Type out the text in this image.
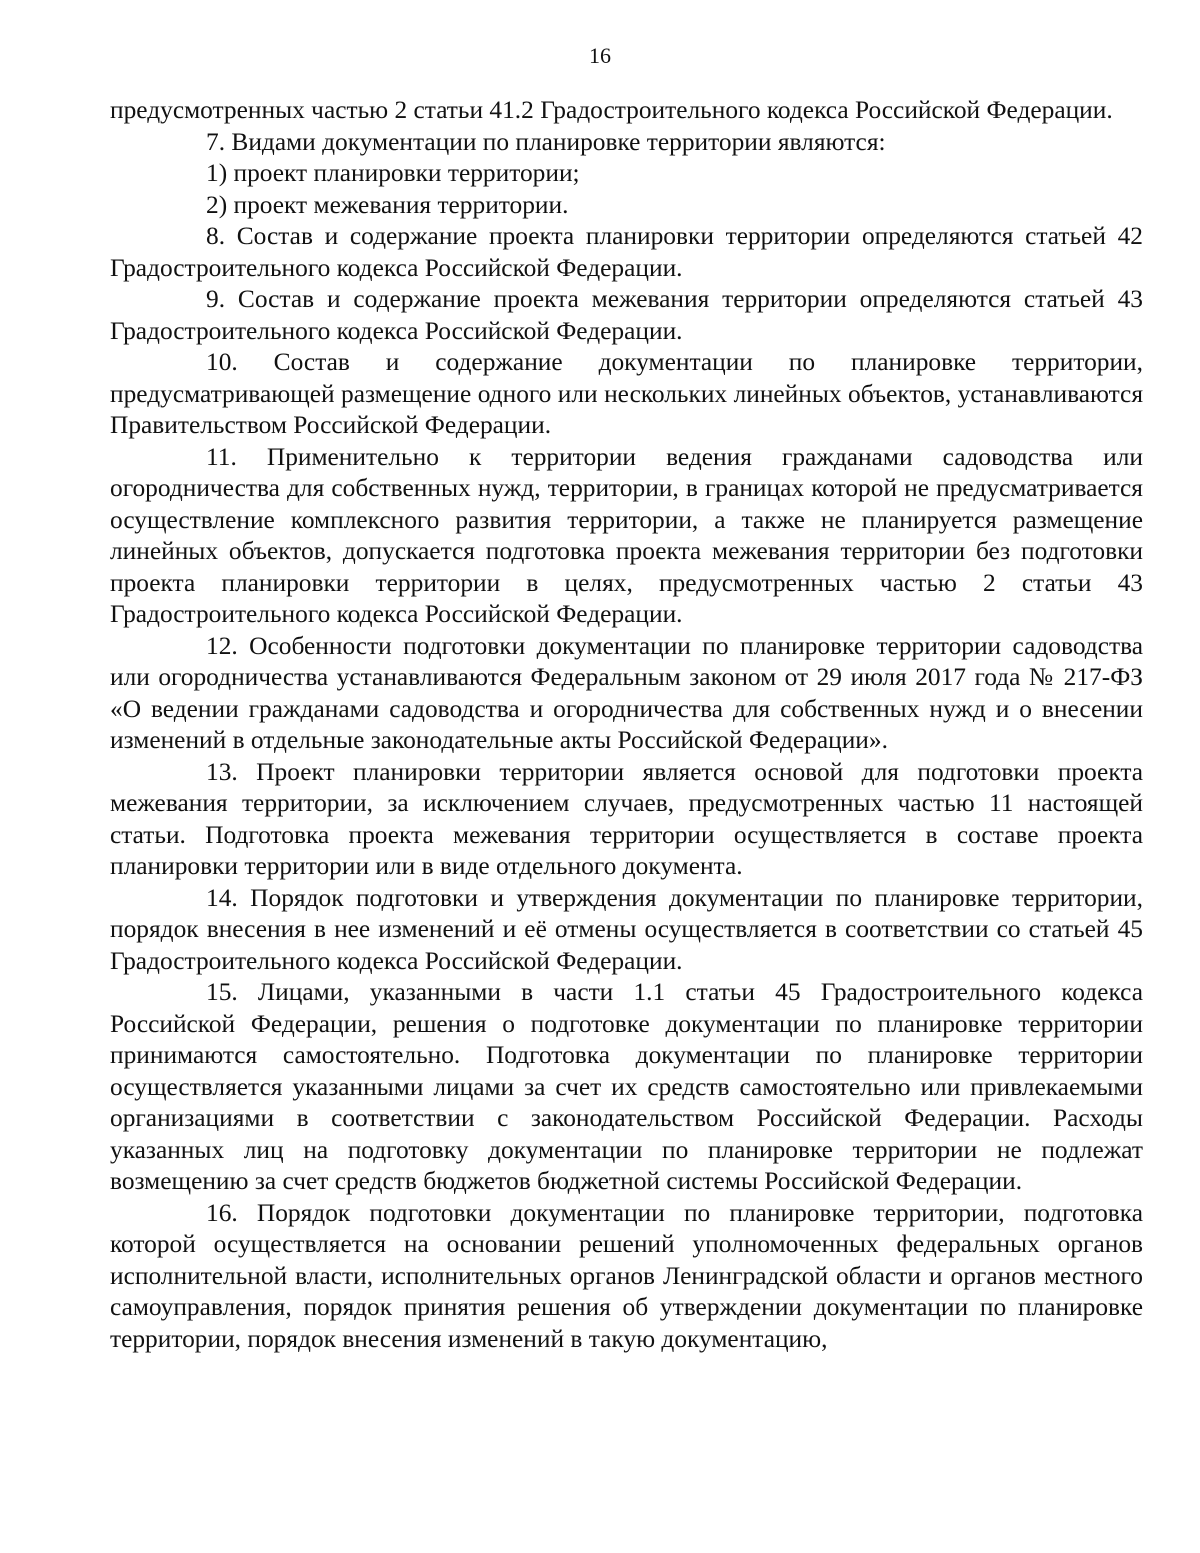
16

предусмотренных частью 2 статьи 41.2 Градостроительного кодекса Российской Федерации.

7. Видами документации по планировке территории являются:

1) проект планировки территории;

2) проект межевания территории.

8. Состав и содержание проекта планировки территории определяются статьей 42 Градостроительного кодекса Российской Федерации.

9. Состав и содержание проекта межевания территории определяются статьей 43 Градостроительного кодекса Российской Федерации.

10. Состав и содержание документации по планировке территории, предусматривающей размещение одного или нескольких линейных объектов, устанавливаются Правительством Российской Федерации.

11. Применительно к территории ведения гражданами садоводства или огородничества для собственных нужд, территории, в границах которой не предусматривается осуществление комплексного развития территории, а также не планируется размещение линейных объектов, допускается подготовка проекта межевания территории без подготовки проекта планировки территории в целях, предусмотренных частью 2 статьи 43 Градостроительного кодекса Российской Федерации.

12. Особенности подготовки документации по планировке территории садоводства или огородничества устанавливаются Федеральным законом от 29 июля 2017 года № 217-ФЗ «О ведении гражданами садоводства и огородничества для собственных нужд и о внесении изменений в отдельные законодательные акты Российской Федерации».

13. Проект планировки территории является основой для подготовки проекта межевания территории, за исключением случаев, предусмотренных частью 11 настоящей статьи. Подготовка проекта межевания территории осуществляется в составе проекта планировки территории или в виде отдельного документа.

14. Порядок подготовки и утверждения документации по планировке территории, порядок внесения в нее изменений и её отмены осуществляется в соответствии со статьей 45 Градостроительного кодекса Российской Федерации.

15. Лицами, указанными в части 1.1 статьи 45 Градостроительного кодекса Российской Федерации, решения о подготовке документации по планировке территории принимаются самостоятельно. Подготовка документации по планировке территории осуществляется указанными лицами за счет их средств самостоятельно или привлекаемыми организациями в соответствии с законодательством Российской Федерации. Расходы указанных лиц на подготовку документации по планировке территории не подлежат возмещению за счет средств бюджетов бюджетной системы Российской Федерации.

16. Порядок подготовки документации по планировке территории, подготовка которой осуществляется на основании решений уполномоченных федеральных органов исполнительной власти, исполнительных органов Ленинградской области и органов местного самоуправления, порядок принятия решения об утверждении документации по планировке территории, порядок внесения изменений в такую документацию,
